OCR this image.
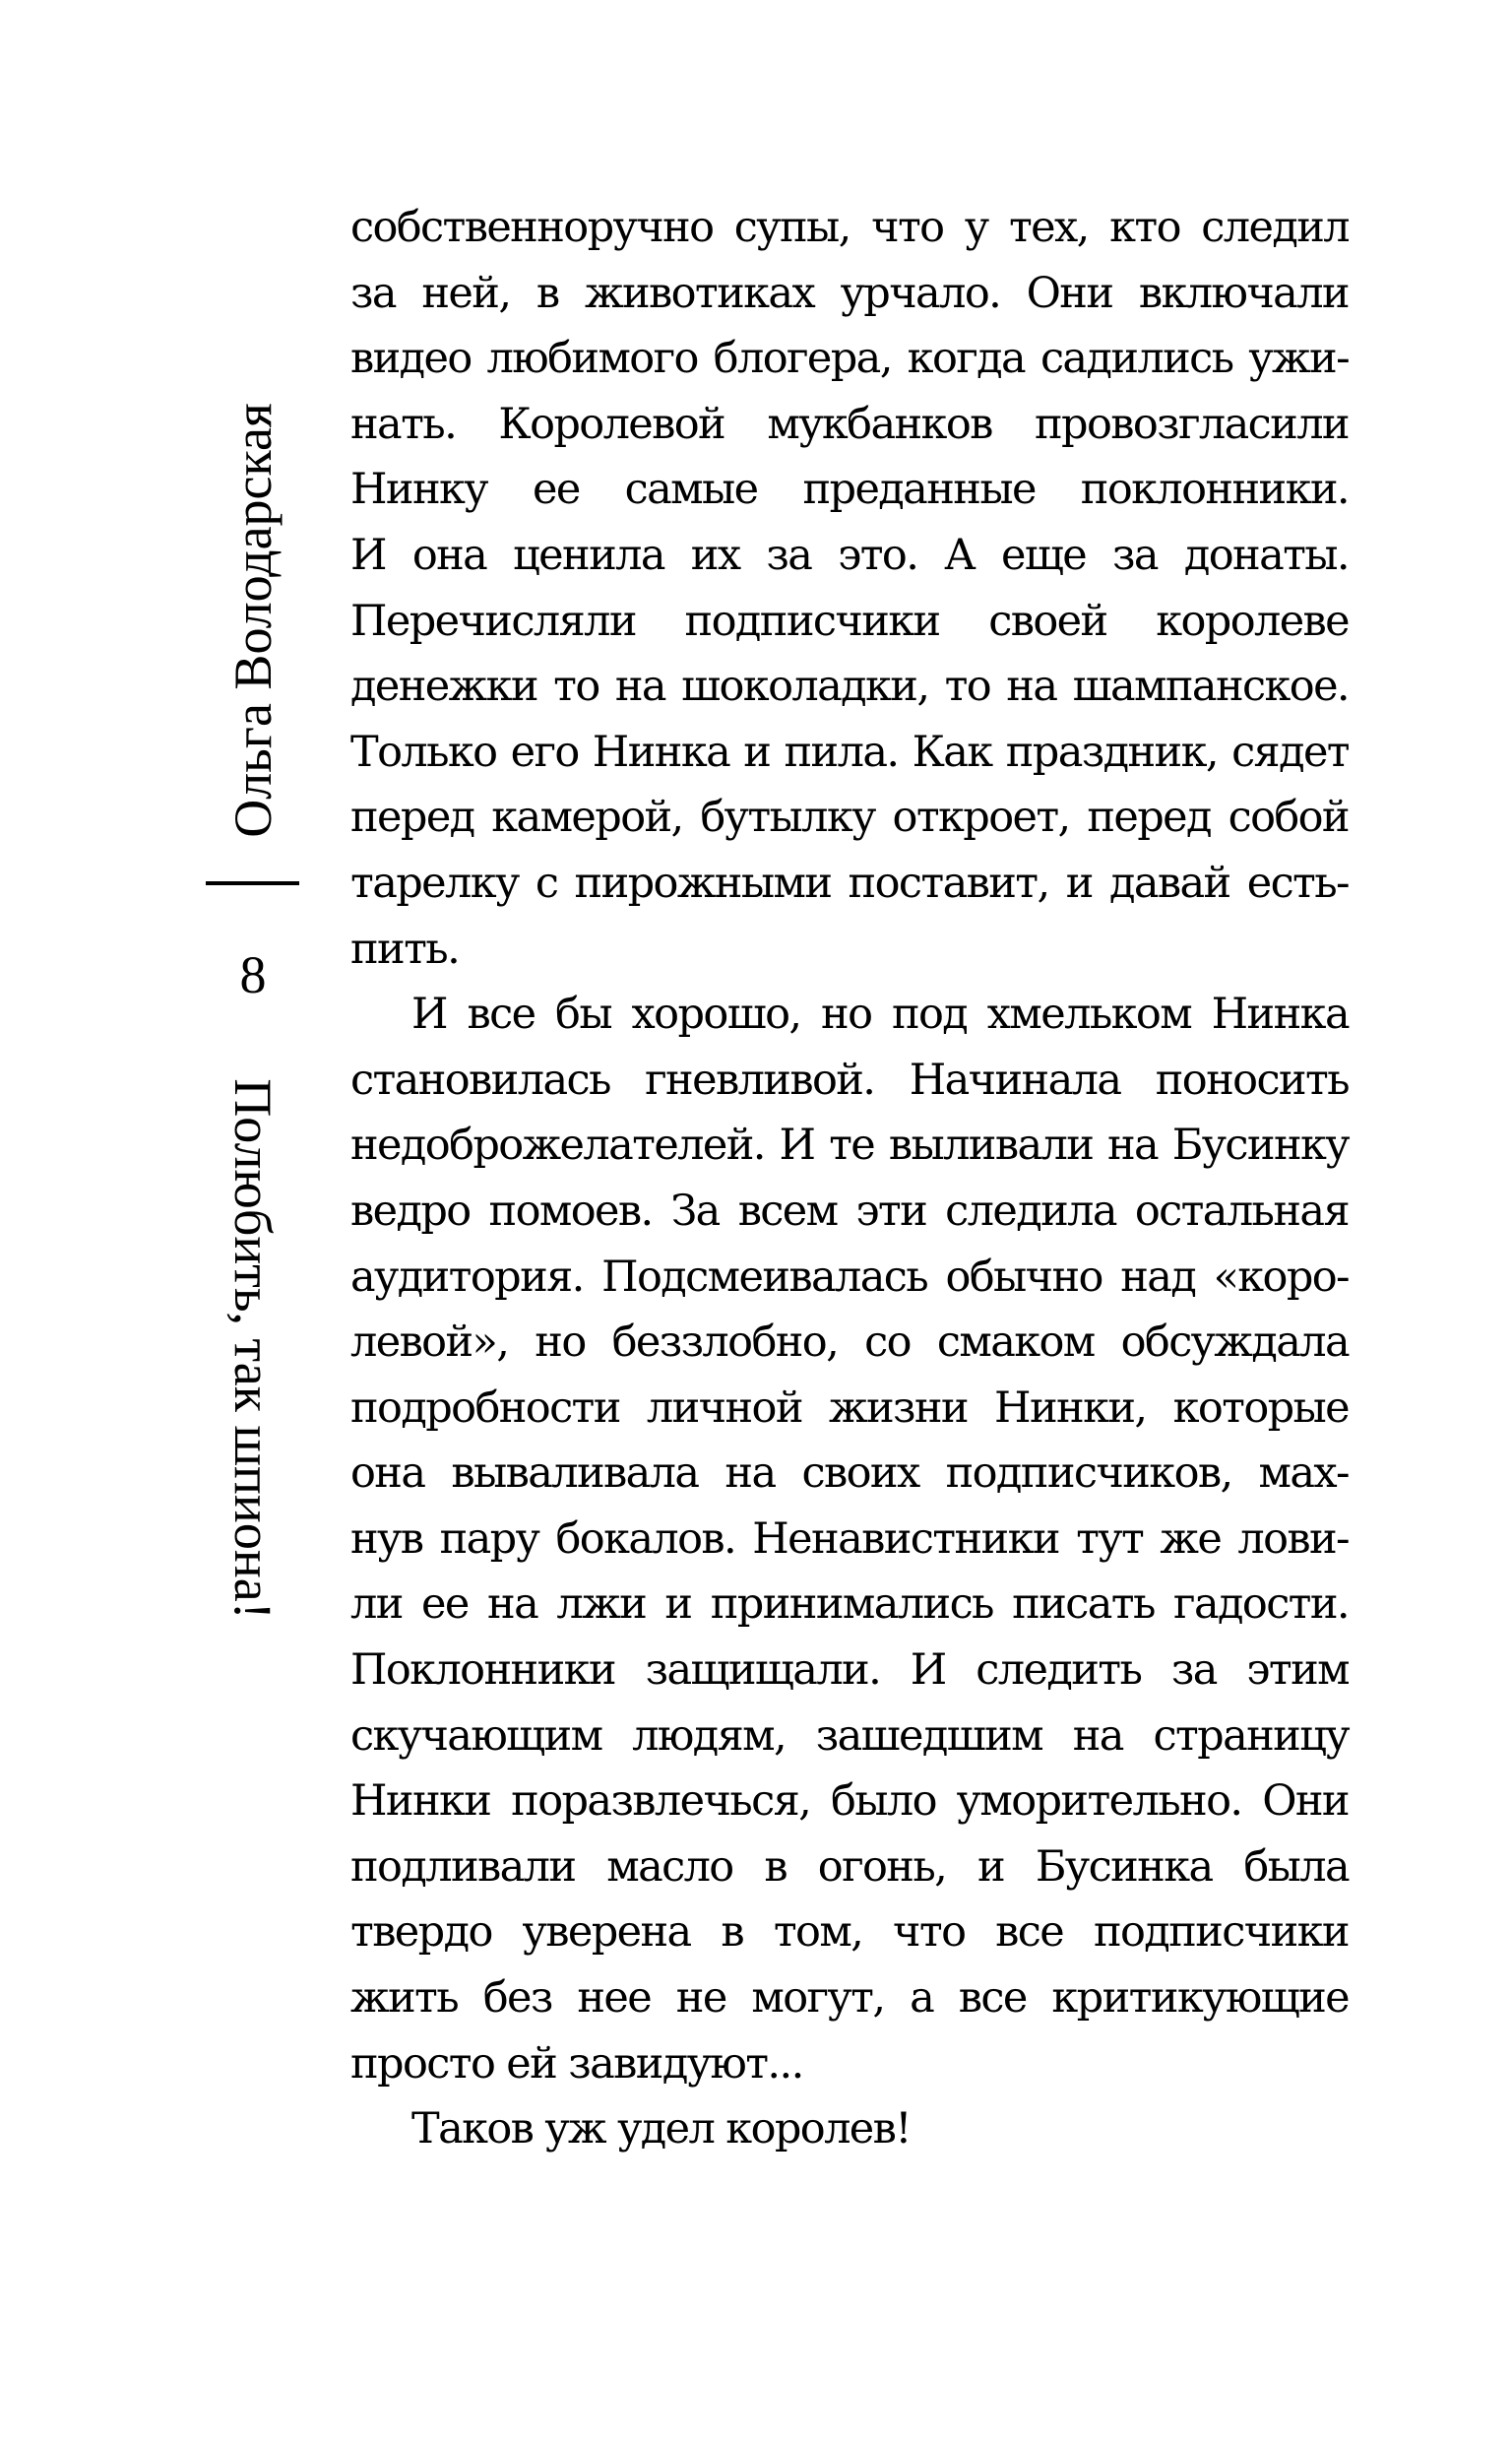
Ольга Володарская
8
Полюбить, так шпиона!
собственноручно супы, что у тех, кто следил
за ней, в животиках урчало. Они включали
видео любимого блогера, когда садились ужи-
нать. Королевой мукбанков провозгласили
Нинку ее самые преданные поклонники.
И она ценила их за это. А еще за донаты.
Перечисляли подписчики своей королеве
денежки то на шоколадки, то на шампанское.
Только его Нинка и пила. Как праздник, сядет
перед камерой, бутылку откроет, перед собой
тарелку с пирожными поставит, и давай есть-
пить.
И все бы хорошо, но под хмельком Нинка
становилась гневливой. Начинала поносить
недоброжелателей. И те выливали на Бусинку
ведро помоев. За всем эти следила остальная
аудитория. Подсмеивалась обычно над «коро-
левой», но беззлобно, со смаком обсуждала
подробности личной жизни Нинки, которые
она вываливала на своих подписчиков, мах-
нув пару бокалов. Ненавистники тут же лови-
ли ее на лжи и принимались писать гадости.
Поклонники защищали. И следить за этим
скучающим людям, зашедшим на страницу
Нинки поразвлечься, было уморительно. Они
подливали масло в огонь, и Бусинка была
твердо уверена в том, что все подписчики
жить без нее не могут, а все критикующие
просто ей завидуют...
Таков уж удел королев!
